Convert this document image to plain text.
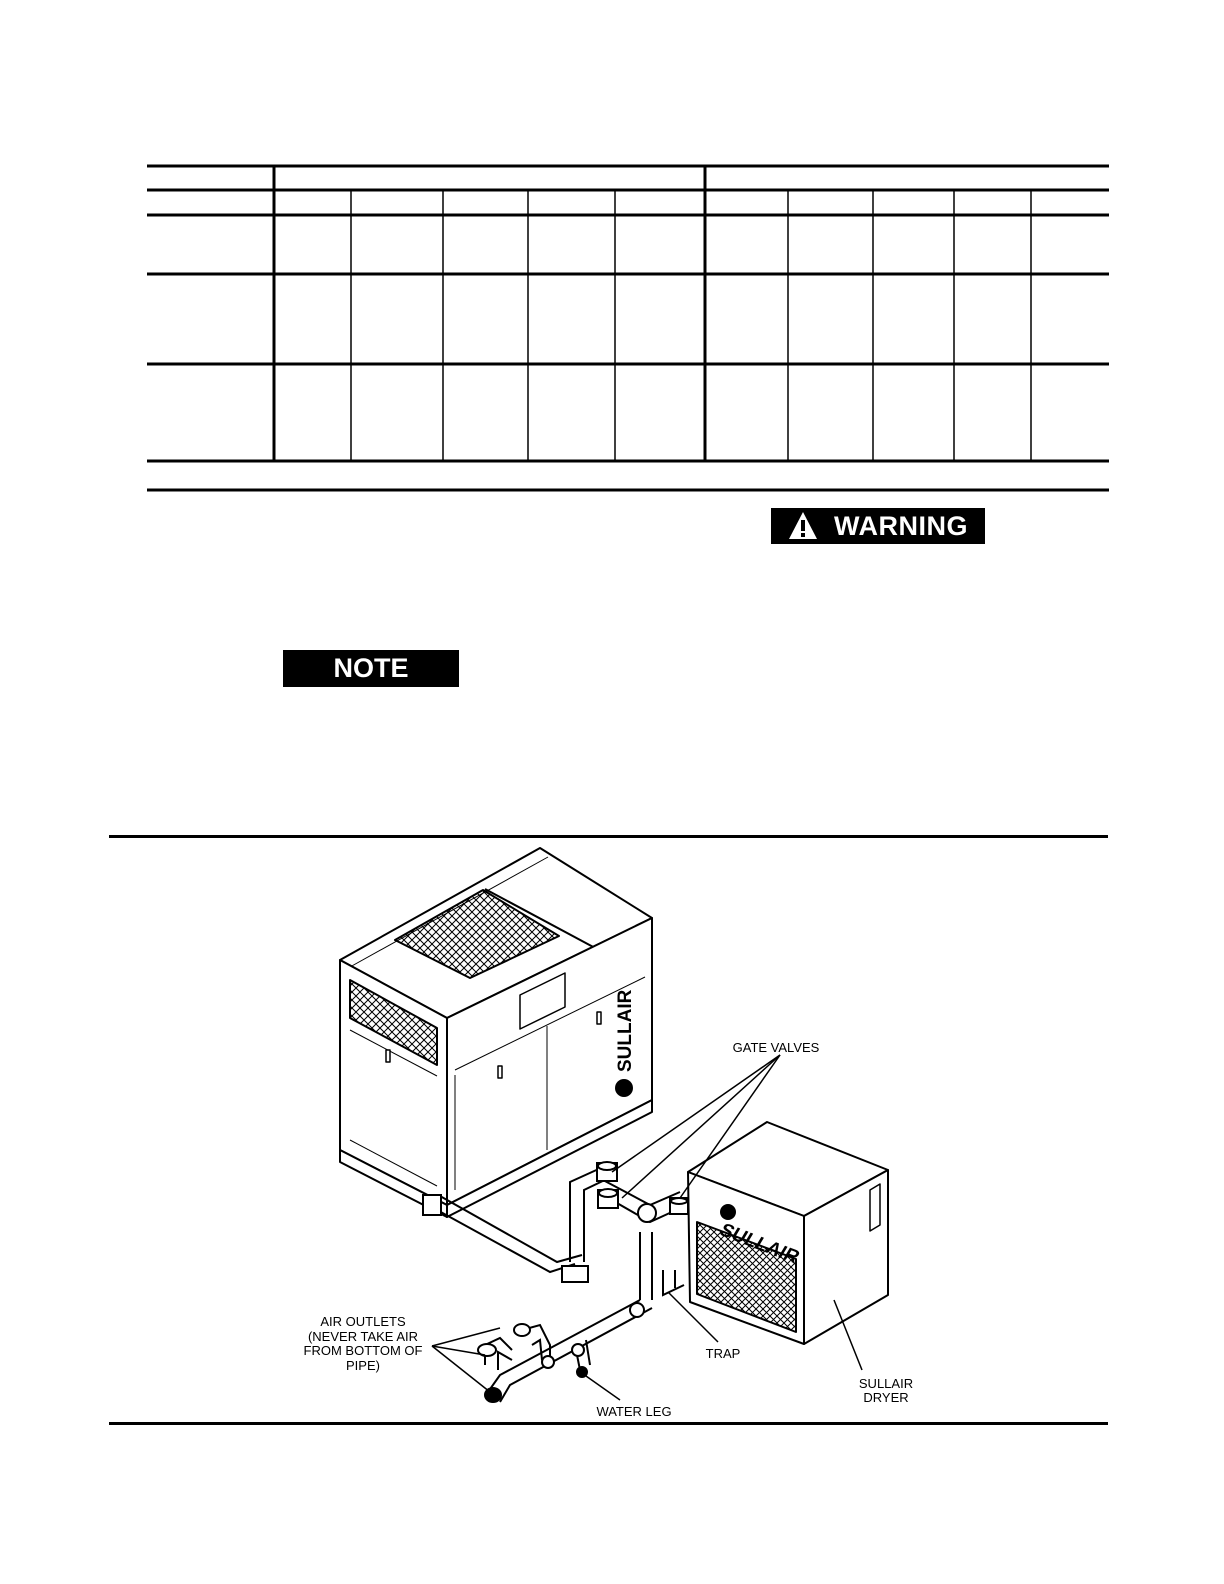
WARNING
NOTE
SULLAIR
SULLAIR
GATE VALVES
AIR OUTLETS
(NEVER TAKE AIR
FROM BOTTOM OF
PIPE)
TRAP
SULLAIR
DRYER
WATER LEG
